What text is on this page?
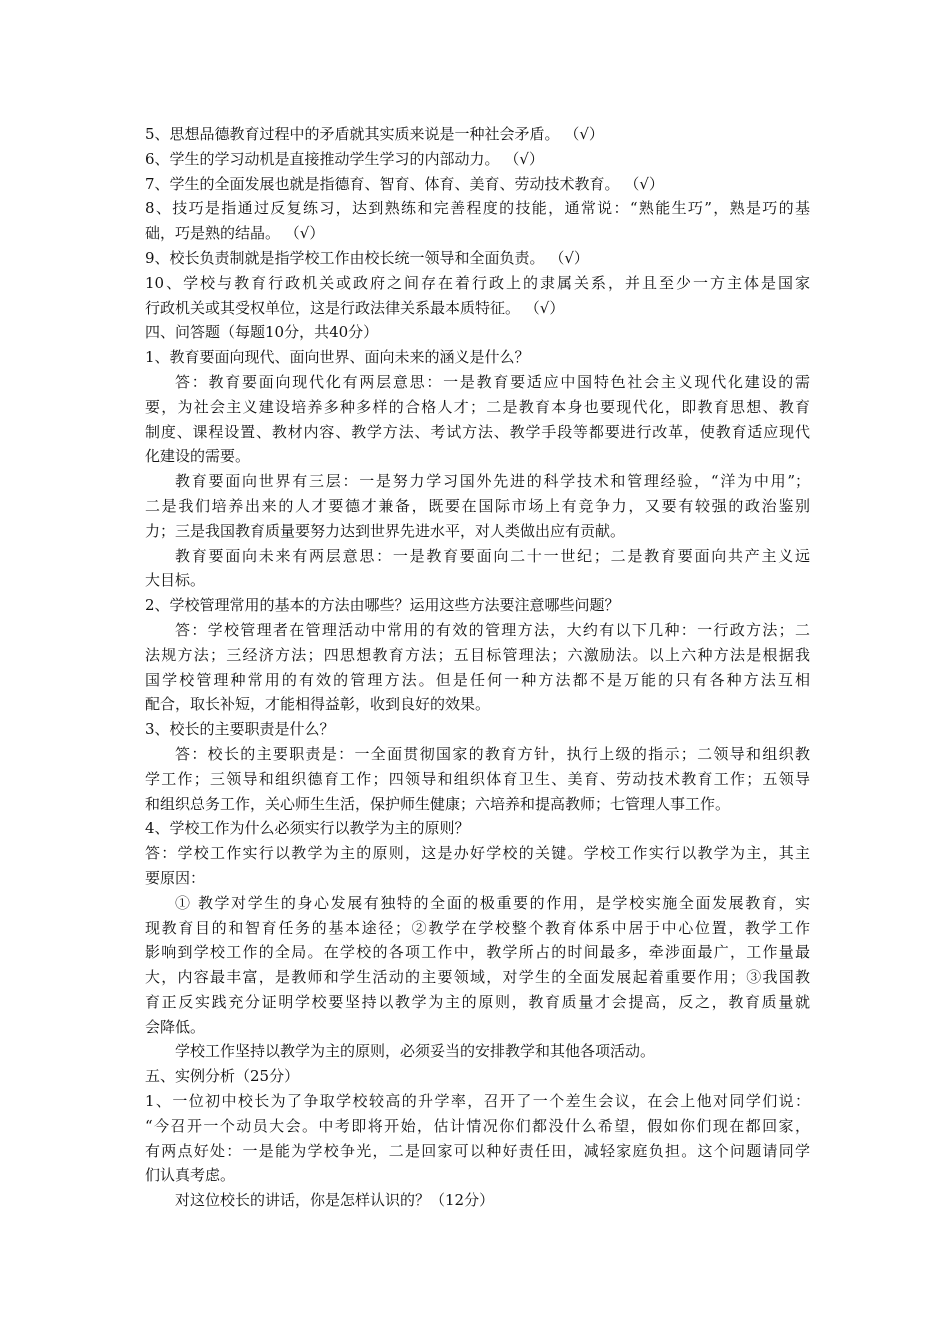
5、思想品德教育过程中的矛盾就其实质来说是一种社会矛盾。 （√）
6、学生的学习动机是直接推动学生学习的内部动力。 （√）
7、学生的全面发展也就是指德育、智育、体育、美育、劳动技术教育。 （√）
8、技巧是指通过反复练习，达到熟练和完善程度的技能，通常说：“熟能生巧”，熟是巧的基
础，巧是熟的结晶。 （√）
9、校长负责制就是指学校工作由校长统一领导和全面负责。 （√）
10、学校与教育行政机关或政府之间存在着行政上的隶属关系，并且至少一方主体是国家
行政机关或其受权单位，这是行政法律关系最本质特征。 （√）
四、问答题（每题10分，共40分）
1、教育要面向现代、面向世界、面向未来的涵义是什么？
答：教育要面向现代化有两层意思：一是教育要适应中国特色社会主义现代化建设的需
要，为社会主义建设培养多种多样的合格人才；二是教育本身也要现代化，即教育思想、教育
制度、课程设置、教材内容、教学方法、考试方法、教学手段等都要进行改革，使教育适应现代
化建设的需要。
教育要面向世界有三层：一是努力学习国外先进的科学技术和管理经验，“洋为中用”；
二是我们培养出来的人才要德才兼备，既要在国际市场上有竞争力，又要有较强的政治鉴别
力；三是我国教育质量要努力达到世界先进水平，对人类做出应有贡献。
教育要面向未来有两层意思：一是教育要面向二十一世纪；二是教育要面向共产主义远
大目标。
2、学校管理常用的基本的方法由哪些？运用这些方法要注意哪些问题？
答：学校管理者在管理活动中常用的有效的管理方法，大约有以下几种：一行政方法；二
法规方法；三经济方法；四思想教育方法；五目标管理法；六激励法。以上六种方法是根据我
国学校管理种常用的有效的管理方法。但是任何一种方法都不是万能的只有各种方法互相
配合，取长补短，才能相得益彰，收到良好的效果。
3、校长的主要职责是什么？
答：校长的主要职责是：一全面贯彻国家的教育方针，执行上级的指示；二领导和组织教
学工作；三领导和组织德育工作；四领导和组织体育卫生、美育、劳动技术教育工作；五领导
和组织总务工作，关心师生生活，保护师生健康；六培养和提高教师；七管理人事工作。
4、学校工作为什么必须实行以教学为主的原则？
答：学校工作实行以教学为主的原则，这是办好学校的关键。学校工作实行以教学为主，其主
要原因：
① 教学对学生的身心发展有独特的全面的极重要的作用，是学校实施全面发展教育，实
现教育目的和智育任务的基本途径；②教学在学校整个教育体系中居于中心位置，教学工作
影响到学校工作的全局。在学校的各项工作中，教学所占的时间最多，牵涉面最广，工作量最
大，内容最丰富，是教师和学生活动的主要领域，对学生的全面发展起着重要作用；③我国教
育正反实践充分证明学校要坚持以教学为主的原则，教育质量才会提高，反之，教育质量就
会降低。
学校工作坚持以教学为主的原则，必须妥当的安排教学和其他各项活动。
五、实例分析（25分）
1、一位初中校长为了争取学校较高的升学率，召开了一个差生会议，在会上他对同学们说：
“今召开一个动员大会。中考即将开始，估计情况你们都没什么希望，假如你们现在都回家，
有两点好处：一是能为学校争光，二是回家可以种好责任田，减轻家庭负担。这个问题请同学
们认真考虑。
对这位校长的讲话，你是怎样认识的？（12分）
